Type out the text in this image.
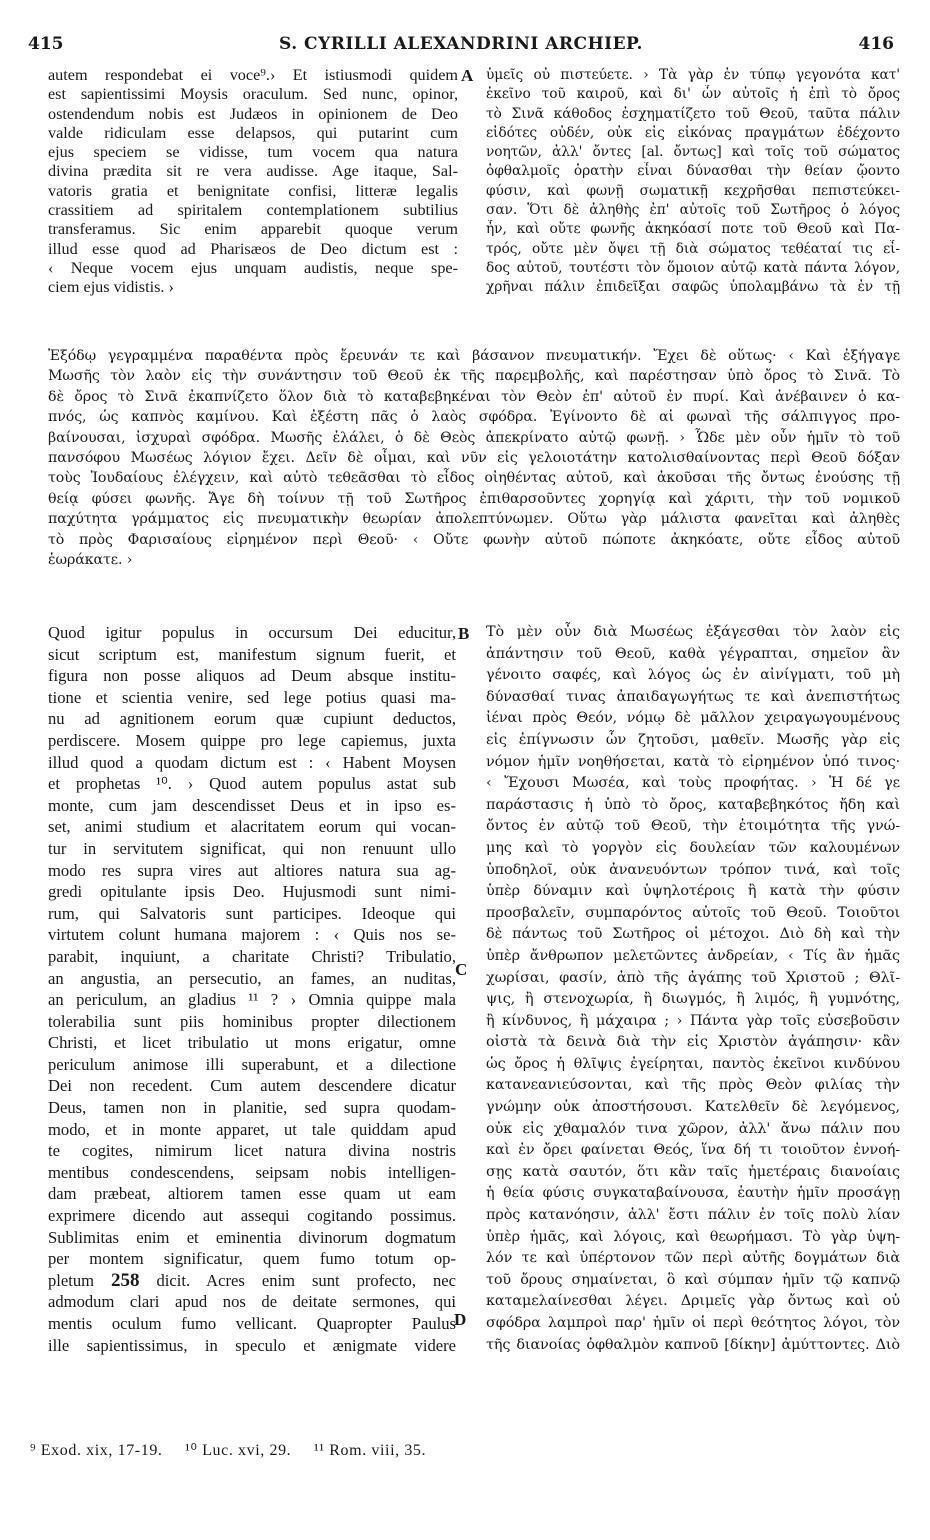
415	S. CYRILLI ALEXANDRINI ARCHIEP.	416
A
B
C
D
autem respondebat ei voce⁹.› Et istiusmodi quidem
est sapientissimi Moysis oraculum. Sed nunc, opinor,
ostendendum nobis est Judæos in opinionem de Deo
valde ridiculam esse delapsos, qui putarint cum
ejus speciem se vidisse, tum vocem qua natura
divina prædita sit re vera audisse. Age itaque, Sal-
vatoris gratia et benignitate confisi, litteræ legalis
crassitiem ad spiritalem contemplationem subtilius
transferamus. Sic enim apparebit quoque verum
illud esse quod ad Pharisæos de Deo dictum est :
‹ Neque vocem ejus unquam audistis, neque spe-
ciem ejus vidistis. ›
ὑμεῖς οὐ πιστεύετε. › Τὰ γὰρ ἐν τύπῳ γεγονότα κατ'
ἐκεῖνο τοῦ καιροῦ, καὶ δι' ὧν αὐτοῖς ἡ ἐπὶ τὸ ὄρος
τὸ Σινᾶ κάθοδος ἐσχηματίζετο τοῦ Θεοῦ, ταῦτα πάλιν
εἰδότες οὐδέν, οὐκ εἰς εἰκόνας πραγμάτων ἐδέχοντο
νοητῶν, ἀλλ' ὄντες [al. ὄντως] καὶ τοῖς τοῦ σώματος
ὀφθαλμοῖς ὁρατὴν εἶναι δύνασθαι τὴν θείαν ᾤοντο
φύσιν, καὶ φωνῇ σωματικῇ κεχρῆσθαι πεπιστεύκει-
σαν. Ὅτι δὲ ἀληθὴς ἐπ' αὐτοῖς τοῦ Σωτῆρος ὁ λόγος
ἦν, καὶ οὔτε φωνῆς ἀκηκόασί ποτε τοῦ Θεοῦ καὶ Πα-
τρός, οὔτε μὲν ὄψει τῇ διὰ σώματος τεθέαταί τις εἶ-
δος αὐτοῦ, τουτέστι τὸν ὅμοιον αὐτῷ κατὰ πάντα λόγον,
χρῆναι πάλιν ἐπιδεῖξαι σαφῶς ὑπολαμβάνω τὰ ἐν τῇ
Ἐξόδῳ γεγραμμένα παραθέντα πρὸς ἔρευνάν τε καὶ βάσανον πνευματικήν. Ἔχει δὲ οὕτως· ‹ Καὶ ἐξήγαγε
Μωσῆς τὸν λαὸν εἰς τὴν συνάντησιν τοῦ Θεοῦ ἐκ τῆς παρεμβολῆς, καὶ παρέστησαν ὑπὸ ὄρος τὸ Σινᾶ. Τὸ
δὲ ὄρος τὸ Σινᾶ ἐκαπνίζετο ὅλον διὰ τὸ καταβεβηκέναι τὸν Θεὸν ἐπ' αὐτοῦ ἐν πυρί. Καὶ ἀνέβαινεν ὁ κα-
πνός, ὡς καπνὸς καμίνου. Καὶ ἐξέστη πᾶς ὁ λαὸς σφόδρα. Ἐγίνοντο δὲ αἱ φωναὶ τῆς σάλπιγγος προ-
βαίνουσαι, ἰσχυραὶ σφόδρα. Μωσῆς ἐλάλει, ὁ δὲ Θεὸς ἀπεκρίνατο αὐτῷ φωνῇ. › Ὧδε μὲν οὖν ἡμῖν τὸ τοῦ
πανσόφου Μωσέως λόγιον ἔχει. Δεῖν δὲ οἶμαι, καὶ νῦν εἰς γελοιοτάτην κατολισθαίνοντας περὶ Θεοῦ δόξαν
τοὺς Ἰουδαίους ἐλέγχειν, καὶ αὐτὸ τεθεᾶσθαι τὸ εἶδος οἰηθέντας αὐτοῦ, καὶ ἀκοῦσαι τῆς ὄντως ἐνούσης τῇ
θείᾳ φύσει φωνῆς. Ἄγε δὴ τοίνυν τῇ τοῦ Σωτῆρος ἐπιθαρσοῦντες χορηγίᾳ καὶ χάριτι, τὴν τοῦ νομικοῦ
παχύτητα γράμματος εἰς πνευματικὴν θεωρίαν ἀπολεπτύνωμεν. Οὕτω γὰρ μάλιστα φανεῖται καὶ ἀληθὲς
τὸ πρὸς Φαρισαίους εἰρημένον περὶ Θεοῦ· ‹ Οὔτε φωνὴν αὐτοῦ πώποτε ἀκηκόατε, οὔτε εἶδος αὐτοῦ
ἑωράκατε. ›
Quod igitur populus in occursum Dei educitur,
sicut scriptum est, manifestum signum fuerit, et
figura non posse aliquos ad Deum absque institu-
tione et scientia venire, sed lege potius quasi ma-
nu ad agnitionem eorum quæ cupiunt deductos,
perdiscere. Mosem quippe pro lege capiemus, juxta
illud quod a quodam dictum est : ‹ Habent Moysen
et prophetas ¹⁰. › Quod autem populus astat sub
monte, cum jam descendisset Deus et in ipso es-
set, animi studium et alacritatem eorum qui vocan-
tur in servitutem significat, qui non renuunt ullo
modo res supra vires aut altiores natura sua ag-
gredi opitulante ipsis Deo. Hujusmodi sunt nimi-
rum, qui Salvatoris sunt participes. Ideoque qui
virtutem colunt humana majorem : ‹ Quis nos se-
parabit, inquiunt, a charitate Christi? Tribulatio,
an angustia, an persecutio, an fames, an nuditas,
an periculum, an gladius ¹¹ ? › Omnia quippe mala
tolerabilia sunt piis hominibus propter dilectionem
Christi, et licet tribulatio ut mons erigatur, omne
periculum animose illi superabunt, et a dilectione
Dei non recedent. Cum autem descendere dicatur
Deus, tamen non in planitie, sed supra quodam-
modo, et in monte apparet, ut tale quiddam apud
te cogites, nimirum licet natura divina nostris
mentibus condescendens, seipsam nobis intelligen-
dam præbeat, altiorem tamen esse quam ut eam
exprimere dicendo aut assequi cogitando possimus.
Sublimitas enim et eminentia divinorum dogmatum
per montem significatur, quem fumo totum op-
pletum 258 dicit. Acres enim sunt profecto, nec
admodum clari apud nos de deitate sermones, qui
mentis oculum fumo vellicant. Quapropter Paulus
ille sapientissimus, in speculo et ænigmate videre
Τὸ μὲν οὖν διὰ Μωσέως ἐξάγεσθαι τὸν λαὸν εἰς
ἀπάντησιν τοῦ Θεοῦ, καθὰ γέγραπται, σημεῖον ἂν
γένοιτο σαφές, καὶ λόγος ὡς ἐν αἰνίγματι, τοῦ μὴ
δύνασθαί τινας ἀπαιδαγωγήτως τε καὶ ἀνεπιστήτως
ἰέναι πρὸς Θεόν, νόμῳ δὲ μᾶλλον χειραγωγουμένους
εἰς ἐπίγνωσιν ὧν ζητοῦσι, μαθεῖν. Μωσῆς γὰρ εἰς
νόμον ἡμῖν νοηθήσεται, κατὰ τὸ εἰρημένον ὑπό τινος·
‹ Ἔχουσι Μωσέα, καὶ τοὺς προφήτας. › Ἡ δέ γε
παράστασις ἡ ὑπὸ τὸ ὄρος, καταβεβηκότος ἤδη καὶ
ὄντος ἐν αὐτῷ τοῦ Θεοῦ, τὴν ἑτοιμότητα τῆς γνώ-
μης καὶ τὸ γοργὸν εἰς δουλείαν τῶν καλουμένων
ὑποδηλοῖ, οὐκ ἀνανευόντων τρόπον τινά, καὶ τοῖς
ὑπὲρ δύναμιν καὶ ὑψηλοτέροις ἢ κατὰ τὴν φύσιν
προσβαλεῖν, συμπαρόντος αὐτοῖς τοῦ Θεοῦ. Τοιοῦτοι
δὲ πάντως τοῦ Σωτῆρος οἱ μέτοχοι. Διὸ δὴ καὶ τὴν
ὑπὲρ ἄνθρωπον μελετῶντες ἀνδρείαν, ‹ Τίς ἂν ἡμᾶς
χωρίσαι, φασίν, ἀπὸ τῆς ἀγάπης τοῦ Χριστοῦ ; Θλῖ-
ψις, ἢ στενοχωρία, ἢ διωγμός, ἢ λιμός, ἢ γυμνότης,
ἢ κίνδυνος, ἢ μάχαιρα ; › Πάντα γὰρ τοῖς εὐσεβοῦσιν
οἰστὰ τὰ δεινὰ διὰ τὴν εἰς Χριστὸν ἀγάπησιν· κἂν
ὡς ὄρος ἡ θλῖψις ἐγείρηται, παντὸς ἐκεῖνοι κινδύνου
κατανεανιεύσονται, καὶ τῆς πρὸς Θεὸν φιλίας τὴν
γνώμην οὐκ ἀποστήσουσι. Κατελθεῖν δὲ λεγόμενος,
οὐκ εἰς χθαμαλόν τινα χῶρον, ἀλλ' ἄνω πάλιν που
καὶ ἐν ὄρει φαίνεται Θεός, ἵνα δή τι τοιοῦτον ἐννοή-
σῃς κατὰ σαυτόν, ὅτι κἂν ταῖς ἡμετέραις διανοίαις
ἡ θεία φύσις συγκαταβαίνουσα, ἑαυτὴν ἡμῖν προσάγῃ
πρὸς κατανόησιν, ἀλλ' ἔστι πάλιν ἐν τοῖς πολὺ λίαν
ὑπὲρ ἡμᾶς, καὶ λόγοις, καὶ θεωρήμασι. Τὸ γὰρ ὑψη-
λόν τε καὶ ὑπέρτονον τῶν περὶ αὐτῆς δογμάτων διὰ
τοῦ ὄρους σημαίνεται, ὃ καὶ σύμπαν ἡμῖν τῷ καπνῷ
καταμελαίνεσθαι λέγει. Δριμεῖς γὰρ ὄντως καὶ οὐ
σφόδρα λαμπροὶ παρ' ἡμῖν οἱ περὶ θεότητος λόγοι, τὸν
τῆς διανοίας ὀφθαλμὸν καπνοῦ [δίκην] ἀμύττοντες. Διὸ
⁹ Exod. xix, 17-19. ¹⁰ Luc. xvi, 29. ¹¹ Rom. viii, 35.
